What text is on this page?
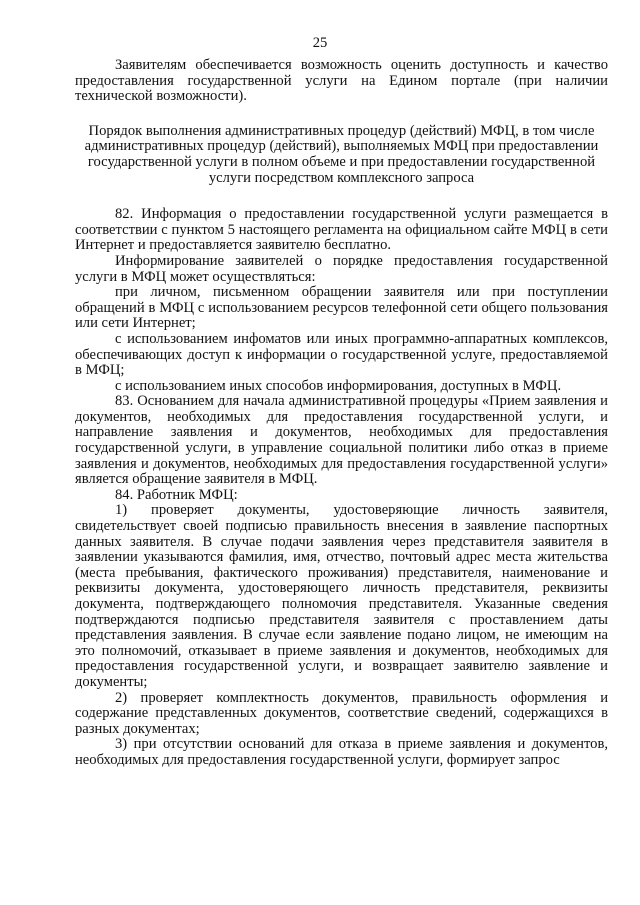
25

Заявителям обеспечивается возможность оценить доступность и качество предоставления государственной услуги на Едином портале (при наличии технической возможности).

Порядок выполнения административных процедур (действий) МФЦ, в том числе административных процедур (действий), выполняемых МФЦ при предоставлении государственной услуги в полном объеме и при предоставлении государственной услуги посредством комплексного запроса

82. Информация о предоставлении государственной услуги размещается в соответствии с пунктом 5 настоящего регламента на официальном сайте МФЦ в сети Интернет и предоставляется заявителю бесплатно.

Информирование заявителей о порядке предоставления государственной услуги в МФЦ может осуществляться:

при личном, письменном обращении заявителя или при поступлении обращений в МФЦ с использованием ресурсов телефонной сети общего пользования или сети Интернет;

с использованием инфоматов или иных программно-аппаратных комплексов, обеспечивающих доступ к информации о государственной услуге, предоставляемой в МФЦ;

с использованием иных способов информирования, доступных в МФЦ.

83. Основанием для начала административной процедуры «Прием заявления и документов, необходимых для предоставления государственной услуги, и направление заявления и документов, необходимых для предоставления государственной услуги, в управление социальной политики либо отказ в приеме заявления и документов, необходимых для предоставления государственной услуги» является обращение заявителя в МФЦ.

84. Работник МФЦ:

1) проверяет документы, удостоверяющие личность заявителя, свидетельствует своей подписью правильность внесения в заявление паспортных данных заявителя. В случае подачи заявления через представителя заявителя в заявлении указываются фамилия, имя, отчество, почтовый адрес места жительства (места пребывания, фактического проживания) представителя, наименование и реквизиты документа, удостоверяющего личность представителя, реквизиты документа, подтверждающего полномочия представителя. Указанные сведения подтверждаются подписью представителя заявителя с проставлением даты представления заявления. В случае если заявление подано лицом, не имеющим на это полномочий, отказывает в приеме заявления и документов, необходимых для предоставления государственной услуги, и возвращает заявителю заявление и документы;

2) проверяет комплектность документов, правильность оформления и содержание представленных документов, соответствие сведений, содержащихся в разных документах;

3) при отсутствии оснований для отказа в приеме заявления и документов, необходимых для предоставления государственной услуги, формирует запрос
